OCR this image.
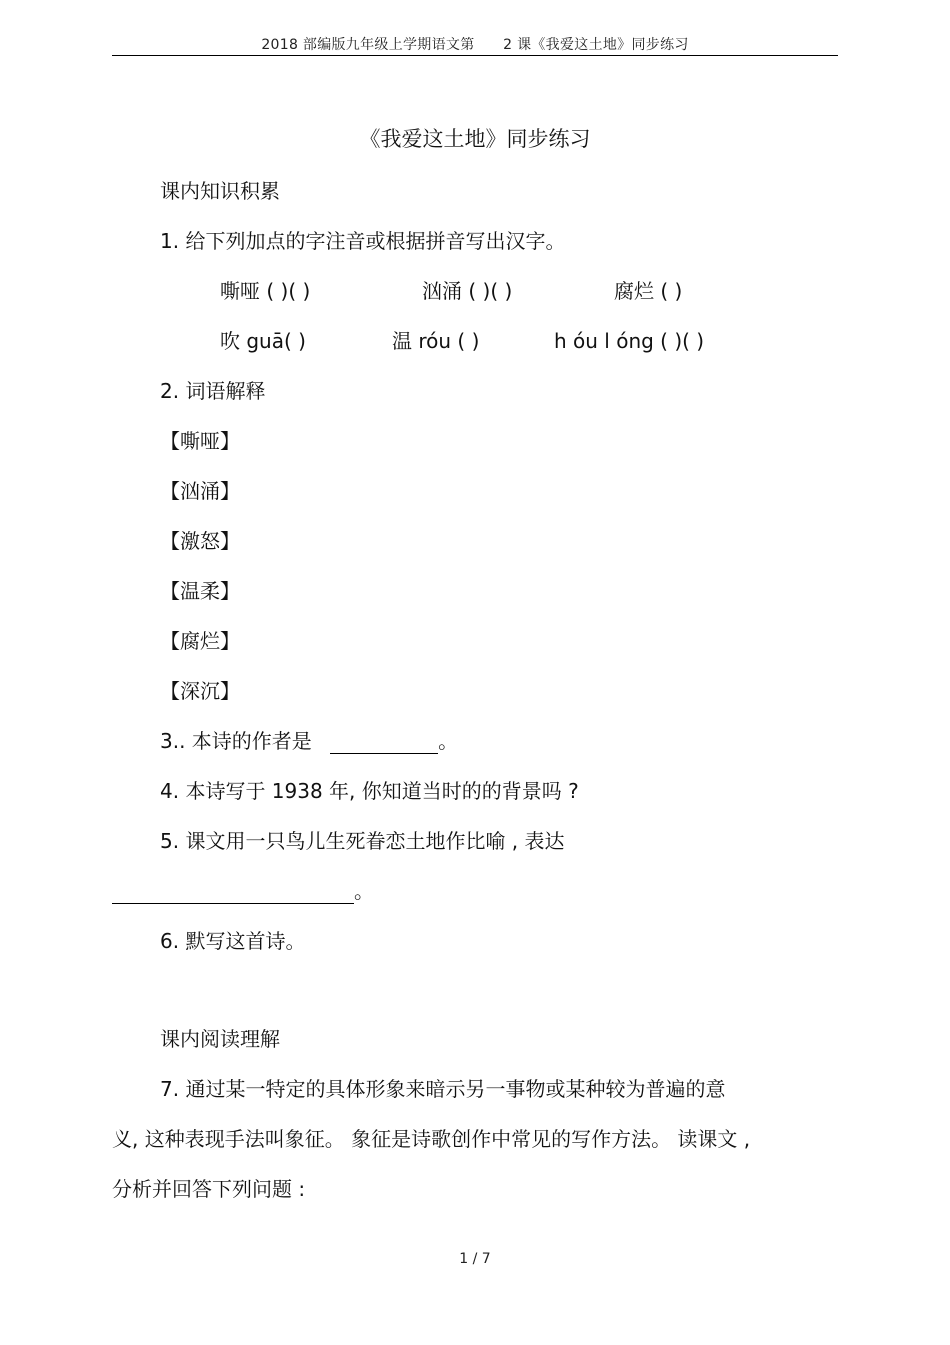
2018 部编版九年级上学期语文第　　2 课《我爱这土地》同步练习
《我爱这土地》同步练习
课内知识积累
1. 给下列加点的字注音或根据拼音写出汉字。
嘶哑 ( )( )	汹涌 ( )( )	腐烂 ( )
吹 guā( )	温 róu ( )	h óu l óng ( )( )
2. 词语解释
【嘶哑】
【汹涌】
【激怒】
【温柔】
【腐烂】
【深沉】
3.. 本诗的作者是	。
4. 本诗写于 1938 年, 你知道当时的的背景吗 ?
5. 课文用一只鸟儿生死眷恋土地作比喻 , 表达
。
6. 默写这首诗。
课内阅读理解
7. 通过某一特定的具体形象来暗示另一事物或某种较为普遍的意
义, 这种表现手法叫象征。 象征是诗歌创作中常见的写作方法。 读课文 ,
分析并回答下列问题 :
1 / 7
